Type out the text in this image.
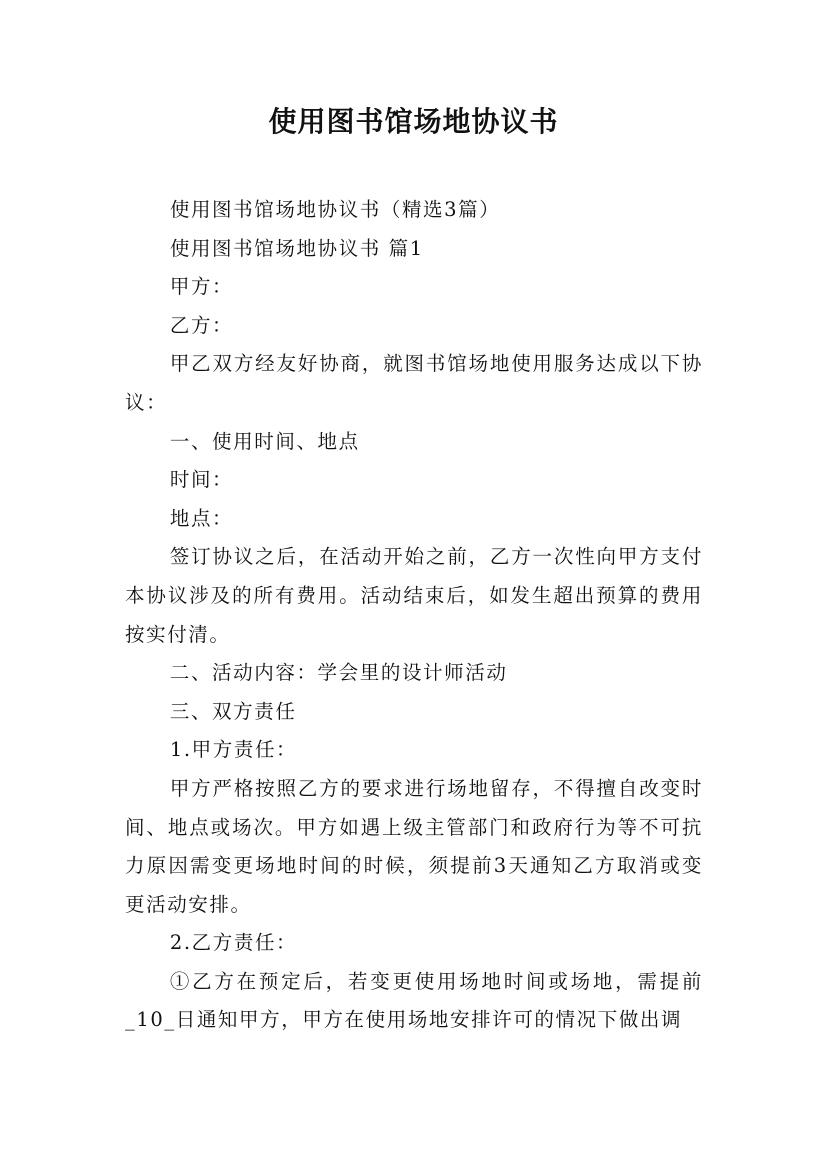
使用图书馆场地协议书

使用图书馆场地协议书（精选3篇）

使用图书馆场地协议书 篇1

甲方：

乙方：

甲乙双方经友好协商，就图书馆场地使用服务达成以下协议：

一、使用时间、地点

时间：

地点：

签订协议之后，在活动开始之前，乙方一次性向甲方支付本协议涉及的所有费用。活动结束后，如发生超出预算的费用按实付清。

二、活动内容：学会里的设计师活动

三、双方责任

1.甲方责任：

甲方严格按照乙方的要求进行场地留存，不得擅自改变时间、地点或场次。甲方如遇上级主管部门和政府行为等不可抗力原因需变更场地时间的时候，须提前3天通知乙方取消或变更活动安排。

2.乙方责任：

①乙方在预定后，若变更使用场地时间或场地，需提前_10_日通知甲方，甲方在使用场地安排许可的情况下做出调
